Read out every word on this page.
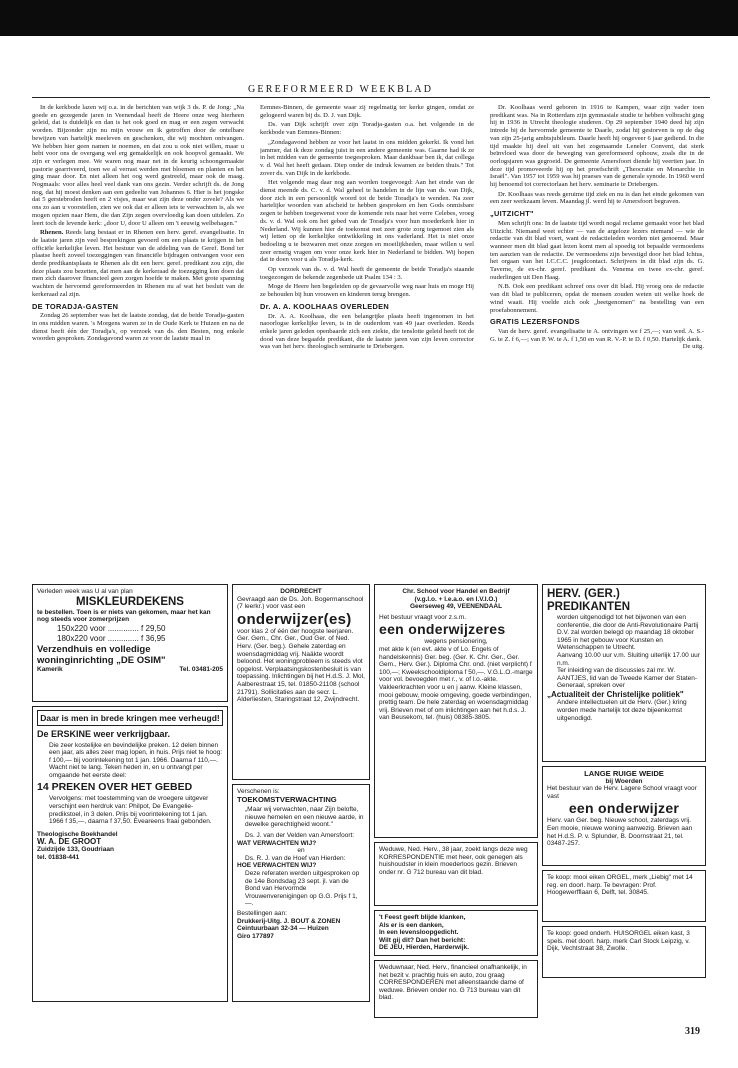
GEREFORMEERD WEEKBLAD

In de kerkbode lazen wij o.a. in de berichten van wijk 3 ds. P. de Jong: „Na goede en gezegende jaren in Veenendaal heeft de Heere onze weg hierheen geleid, dat is duidelijk en dan is het ook goed en mag er een zegen verwacht worden. Bijzonder zijn nu mijn vrouw en ik getroffen door de ontelbare bewijzen van hartelijk meeleven en geschenken, die wij mochten ontvangen. We hebben hier geen namen te noemen, en dat zou u ook niet willen, maar u hebt voor ons de overgang wel erg gemakkelijk en ook hoopvol gemaakt. We zijn er verlegen mee. We waren nog maar net in de keurig schoongemaakte pastorie gearriveerd, toen we al verrast werden met bloemen en planten en het ging maar door. En niet alleen het oog werd gestreeld, maar ook de maag. Nogmaals: voor alles heel veel dank van ons gezin. Verder schrijft ds. de Jong nog, dat hij moest denken aan een gedeelte van Johannes 6. Hier is het jongske dat 5 gerstebroden heeft en 2 visjes, maar wat zijn deze onder zovele? Als we ons zo aan u voorstellen, zien we ook dat er alleen iets te verwachten is, als we mogen opzien naar Hem, die dan Zijn zegen overvloedig kan doen uitdelen. Zo leert toch de levende kerk: „door U, door U alleen om 't eeuwig welbehagen."

Rhenen. Reeds lang bestaat er in Rhenen een herv. geref. evangelisatie. In de laatste jaren zijn veel besprekingen gevoerd om een plaats te krijgen in het officiële kerkelijke leven. Het bestuur van de afdeling van de Geref. Bond ter plaatse heeft zoveel toezeggingen van financiële bijdragen ontvangen voor een derde predikantsplaats te Rhenen als dit een herv. geref. predikant zou zijn, die deze plaats zou bezetten, dat men aan de kerkeraad de toezegging kon doen dat men zich daarover financieel geen zorgen hoefde te maken. Met grote spanning wachten de hervormd gereformeerden in Rhenen nu af wat het besluit van de kerkeraad zal zijn.

DE TORADJA-GASTEN

Zondag 26 september was het de laatste zondag, dat de beide Toradja-gasten in ons midden waren. 's Morgens waren ze in de Oude Kerk te Huizen en na de dienst heeft één der Toradja's, op verzoek van ds. den Besten, nog enkele woorden gesproken. Zondagavond waren ze voor de laatste maal in

Eemnes-Binnen, de gemeente waar zij regelmatig ter kerke gingen, omdat ze gelogeerd waren bij ds. D. J. van Dijk.

Ds. van Dijk schrijft over zijn Toradja-gasten o.a. het volgende in de kerkbode van Eemnes-Binnen:

„Zondagavond hebben ze voor het laatst in ons midden gekerkt. Ik vond het jammer, dat ik deze zondag juist in een andere gemeente was. Gaarne had ik ze in het midden van de gemeente toegesproken. Maar dankbaar ben ik, dat collega v. d. Wal het heeft gedaan. Diep onder de indruk kwamen ze beiden thuis." Tot zover ds. van Dijk in de kerkbode.

Het volgende mag daar nog aan worden toegevoegd: Aan het einde van de dienst meende ds. C. v. d. Wal geheel te handelen in de lijn van ds. van Dijk, door zich in een persoonlijk woord tot de beide Toradja's te wenden. Na zeer hartelijke woorden van afscheid te hebben gesproken en hen Gods onmisbare zegen te hebben toegewenst voor de komende reis naar het verre Celebes, vroeg ds. v. d. Wal ook om het gebed van de Toradja's voor hun moederkerk hier in Nederland. Wij kunnen hier de toekomst met zeer grote zorg tegemoet zien als wij letten op de kerkelijke ontwikkeling in ons vaderland. Het is niet onze bedoeling u te bezwaren met onze zorgen en moeilijkheden, maar willen u wel zeer ernstig vragen om voor onze kerk hier in Nederland te bidden. Wij hopen dat te doen voor u als Toradja-kerk.

Op verzoek van ds. v. d. Wal heeft de gemeente de beide Toradja's staande toegezongen de bekende zegenbede uit Psalm 134 : 3.

Moge de Heere hen begeleiden op de gevaarvolle weg naar huis en moge Hij ze behouden bij hun vrouwen en kinderen terug brengen.

Dr. A. A. KOOLHAAS OVERLEDEN

Dr. A. A. Koolhaas, die een belangrijke plaats heeft ingenomen in het naoorlogse kerkelijke leven, is in de ouderdom van 49 jaar overleden. Reeds enkele jaren geleden openbaarde zich een ziekte, die tenslotte geleid heeft tot de dood van deze begaafde predikant, die de laatste jaren van zijn leven corrector was van het herv. theologisch seminarie te Driebergen.

Dr. Koolhaas werd geboren in 1916 te Kampen, waar zijn vader toen predikant was. Na in Rotterdam zijn gymnasiale studie te hebben volbracht ging hij in 1936 in Utrecht theologie studeren. Op 29 september 1940 deed hij zijn intrede bij de hervormde gemeente te Daarle, zodat hij gestorven is op de dag van zijn 25-jarig ambtsjubileum. Daarle heeft hij ongeveer 6 jaar gediend. In die tijd maakte hij deel uit van het zogenaamde Leneler Convent, dat sterk beïnvloed was door de beweging van gereformeerd ophouw, zoals die in de oorlogsjaren was gegroeid. De gemeente Amersfoort diende hij veertien jaar. In deze tijd promoveerde hij op het proefschrift „Theocratie en Monarchie in Israël". Van 1957 tot 1959 was hij praeses van de generale synode. In 1960 werd hij benoemd tot correctorlaan het herv. seminarie te Driebergen.

Dr. Koolhaas was reeds geruime tijd ziek en nu is dan het einde gekomen van een zeer werkzaam leven. Maandag jl. werd hij te Amersfoort begraven.

„UITZICHT"

Men schrijft ons: In de laatste tijd wordt nogal reclame gemaakt voor het blad Uitzicht. Niemand weet echter — van de argeloze lezers niemand — wie de redactie van dit blad voert, want de redactieleden worden niet genoemd. Maar wanneer men dit blad gaat lezen komt men al spoedig tot bepaalde vermoedens ten aanzien van de redactie. De vermoedens zijn bevestigd door het blad Ichtus, het orgaan van het I.C.C.C. jeugdcontact. Schrijvers in dit blad zijn ds. G. Taverne, de ex-chr. geref. predikant ds. Venema en twee ex-chr. geref. ouderlingen uit Den Haag.

N.B. Ook een predikant schreef ons over dit blad. Hij vroeg ons de redactie van dit blad te publiceren, opdat de mensen zouden weten uit welke hoek de wind waait. Hij voelde zich ook „beetgenomen" na bestelling van een proefabonnement.

GRATIS LEZERSFONDS

Van de herv. geref. evangelisatie te A. ontvingen we f 25,—; van wed. A. S.-G. te Z. f 6,—; van P. W. te A. f 1,50 en van R. V.-P. te D. f 0,50. Hartelijk dank.
De uitg.

Verleden week was U al van plan
MISKLEURDEKENS
te bestellen. Toen is er niets van gekomen, maar het kan nog steeds voor zomerprijzen
150x220 voor .............. f 29,50
180x220 voor .............. f 36,95
Verzendhuis en volledige woninginrichting „DE OSIM"
Kamerik	Tel. 03481-205
Daar is men in brede kringen mee verheugd!
De ERSKINE weer verkrijgbaar.
Die zeer kostelijke en bevindelijke preken. 12 delen binnen een jaar, als alles zeer mag lopen, in huis. Prijs niet te hoog: f 100,— bij voorintekening tot 1 jan. 1966. Daarna f 110,—. Wacht niet te lang. Teken heden in, en u ontvangt per omgaande het eerste deel:
14 PREKEN OVER HET GEBED
Vervolgens: met toestemming van de vroegere uitgever verschijnt een herdruk van: Philpot, De Evangeliepredikstoel, in 3 delen. Prijs bij voorintekening tot 1 jan. 1966 f 35,—, daarna f 37,50. Eveareens fraai gebonden.
Theologische Boekhandel
W. A. DE GROOT
Zuidzijde 133, Goudriaan
tel. 01838-441
DORDRECHT
Gevraagd aan de Ds. Joh. Bogermanschool (7 leerkr.) voor vast een
onderwijzer(es)
voor klas 2 of één der hoogste leerjaren. Ger. Gem., Chr. Ger., Oud Ger. of Ned. Herv. (Ger. beg.). Gehele zaterdag en woensdagmiddag vrij. Naäkte woordt beloond. Het woningprobleem is steeds vlot opgelost. Verplaatsingskostenbesluit is van toepassing. Inlichtingen bij het H.d.S. J. Mol, Aalberestraat 15, tel. 01850-21108 (school 21791). Sollicitaties aan de secr. L. Alderliesten, Staringstraat 12, Zwijndrecht.
Verschenen is:
TOEKOMSTVERWACHTING
„Maar wij verwachten, naar Zijn belofte, nieuwe hemelen en een nieuwe aarde, in dewelke gerechtigheid woont."
Ds. J. van der Velden van Amersfoort:
WAT VERWACHTEN WIJ?
en
Ds. R. J. van de Hoef van Hierden:
HOE VERWACHTEN WIJ?
Deze referaten werden uitgesproken op de 14e Bondsdag 23 sept. jl. van de Bond van Hervormde Vrouwenverenigingen op G.G. Prijs f 1,—.
Bestellingen aan:
Drukkerij-Uitg. J. BOUT & ZONEN
Ceintuurbaan 32-34 — Huizen
Giro 177897
Chr. School voor Handel en Bedrijf
(v.g.l.o. + l.e.a.o. en I.V.I.O.)
Geerseweg 49, VEENENDAAL
Het bestuur vraagt voor z.s.m.
een onderwijzeres
wegens pensionering,
met akte k (en evt. akte v of Lo. Engels of handelskennis) Ger. beg. (Ger. K. Chr. Ger., Ger. Gem., Herv. Ger.). Diploma Chr. ond. (niet verplicht) f 100,—; Kweekschooldiploma f 50,—. V.G.L.O.-marge voor vol. bevoegden met r., v. of l.o.-akte. Vakleerkrachten voor u en j aanw. Kleine klassen, mooi gebouw, mooie omgeving, goede verbindingen, prettig team. De hele zaterdag en woensdagmiddag vrij. Brieven met of om inlichtingen aan het h.d.s. J. van Beusekom, tel. (huis) 08385-3805.
Weduwe, Ned. Herv., 38 jaar, zoekt langs deze weg KORRESPONDENTIE met heer, ook genegen als huishoudster in klein moederloos gezin. Brieven onder nr. G 712 bureau van dit blad.
't Feest geeft blijde klanken,
Als er is een danken,
In een levensloopgedicht.
Wilt gij dit? Dan het bericht:
DE JEU, Hierden, Harderwijk.
Weduwnaar, Ned. Herv., financieel onafhankelijk, in het bezit v. prachtig huis en auto, zou graag CORRESPONDEREN met alleenstaande dame of weduwe. Brieven onder no. G 713 bureau van dit blad.
HERV. (GER.)
PREDIKANTEN
worden uitgenodigd tot het bijwonen van een conferentie, die door de Anti-Revolutionaire Partij D.V. zal worden belegd op maandag 18 oktober 1965 in het gebouw voor Kunsten en Wetenschappen te Utrecht.
Aanvang 10.00 uur v.m. Sluiting uiterlijk 17.00 uur n.m.
Ter inleiding van de discussies zal mr. W. AANTJES, lid van de Tweede Kamer der Staten-Generaal, spreken over
„Actualiteit der Christelijke politiek"
Andere intellectuelen uit de Herv. (Ger.) kring worden mede hartelijk tot deze bijeenkomst uitgenodigd.
LANGE RUIGE WEIDE
bij Woerden
Het bestuur van de Herv. Lagere School vraagt voor vast
een onderwijzer
Herv. van Ger. beg. Nieuwe school, zaterdags vrij. Een mooie, nieuwe woning aanwezig. Brieven aan het H.d.S. P. v. Splunder, B. Doornstraat 21, tel. 03487-257.
Te koop: mooi eiken ORGEL, merk „Liebig" met 14 reg. en doorl. harp. Te bevragen: Prof. Hoogewerfflaan 6, Delft, tel. 30845.
Te koop: goed onderh. HUISORGEL eiken kast, 3 spels. met doorl. harp. merk Carl Stock Leipzig, v. Dijk, Vechtstraat 38, Zwolle.
319
